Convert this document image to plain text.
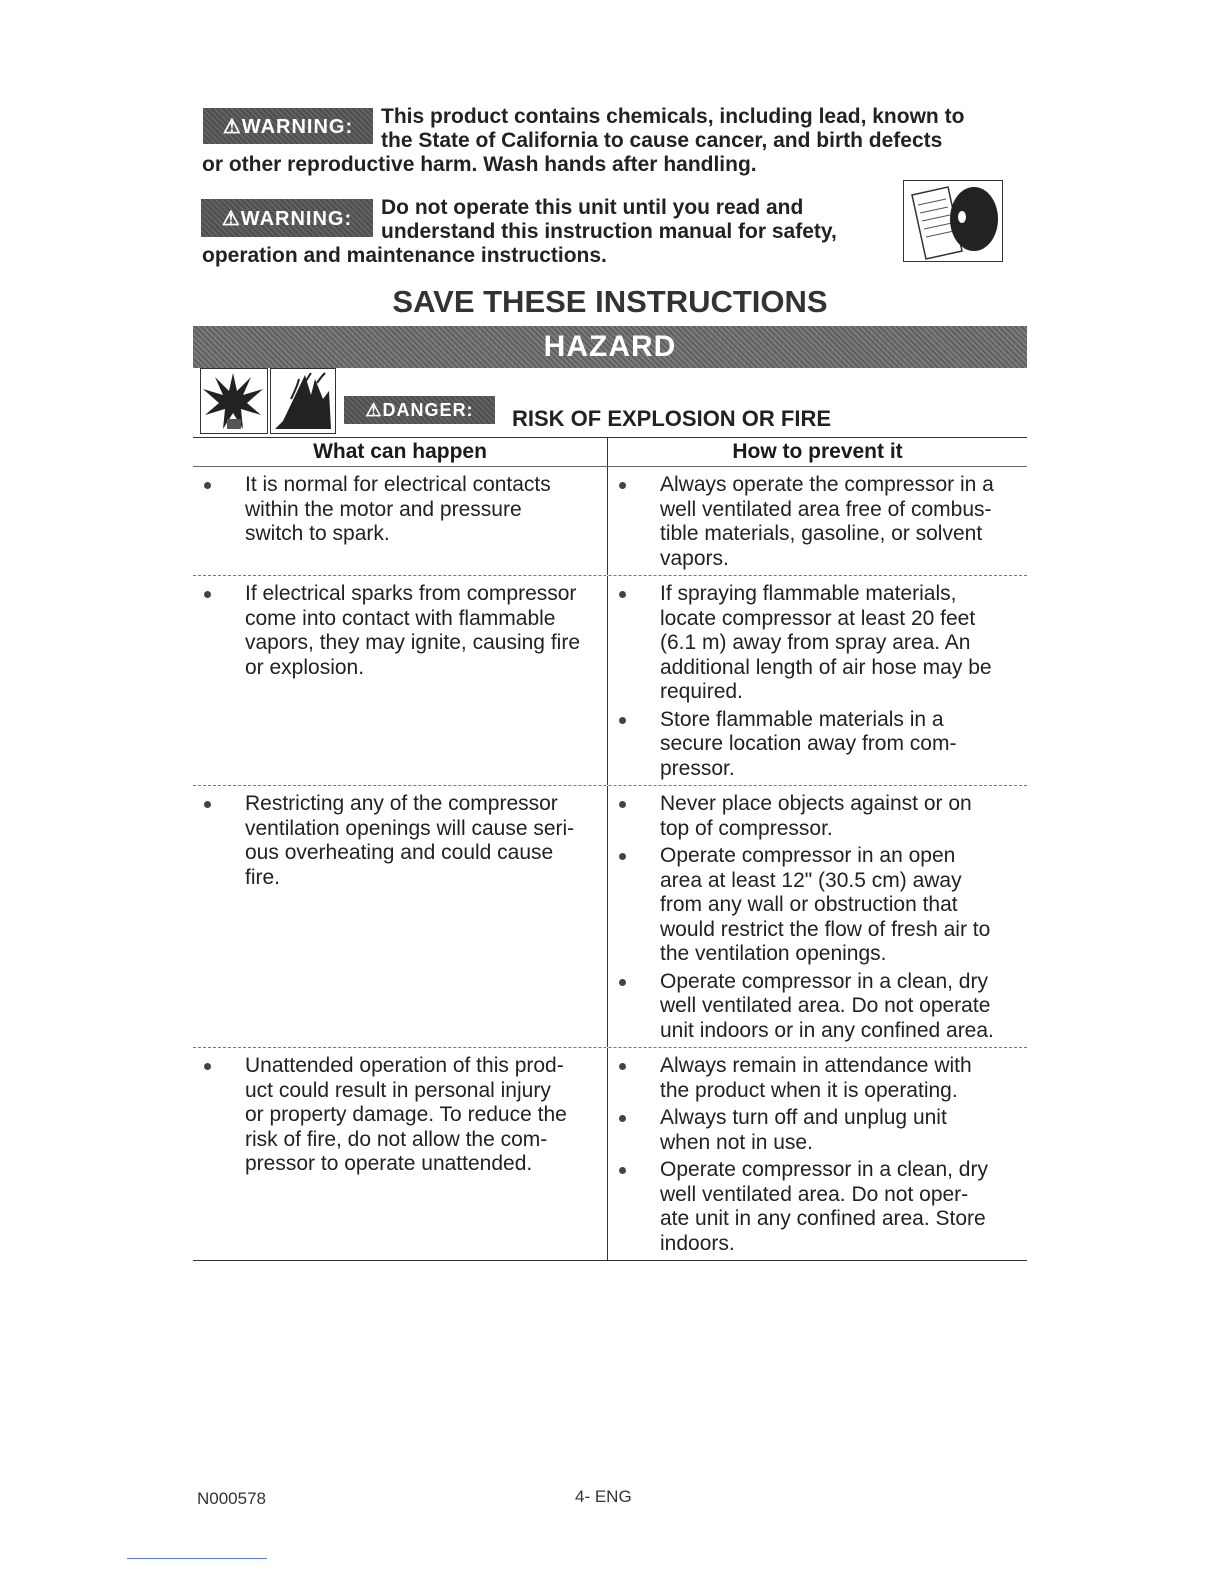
⚠WARNING: This product contains chemicals, including lead, known to
the State of California to cause cancer, and birth defects
or other reproductive harm. Wash hands after handling.
⚠WARNING: Do not operate this unit until you read and
understand this instruction manual for safety,
operation and maintenance instructions.
SAVE THESE INSTRUCTIONS
HAZARD
⚠DANGER: RISK OF EXPLOSION OR FIRE
What can happen	How to prevent it
It is normal for electrical contacts
within the motor and pressure
switch to spark.
Always operate the compressor in a
well ventilated area free of combus-
tible materials, gasoline, or solvent
vapors.
If electrical sparks from compressor
come into contact with flammable
vapors, they may ignite, causing fire
or explosion.
If spraying flammable materials,
locate compressor at least 20 feet
(6.1 m) away from spray area. An
additional length of air hose may be
required.
Store flammable materials in a
secure location away from com-
pressor.
Restricting any of the compressor
ventilation openings will cause seri-
ous overheating and could cause
fire.
Never place objects against or on
top of compressor.
Operate compressor in an open
area at least 12" (30.5 cm) away
from any wall or obstruction that
would restrict the flow of fresh air to
the ventilation openings.
Operate compressor in a clean, dry
well ventilated area. Do not operate
unit indoors or in any confined area.
Unattended operation of this prod-
uct could result in personal injury
or property damage. To reduce the
risk of fire, do not allow the com-
pressor to operate unattended.
Always remain in attendance with
the product when it is operating.
Always turn off and unplug unit
when not in use.
Operate compressor in a clean, dry
well ventilated area. Do not oper-
ate unit in any confined area. Store
indoors.
N000578	4- ENG
